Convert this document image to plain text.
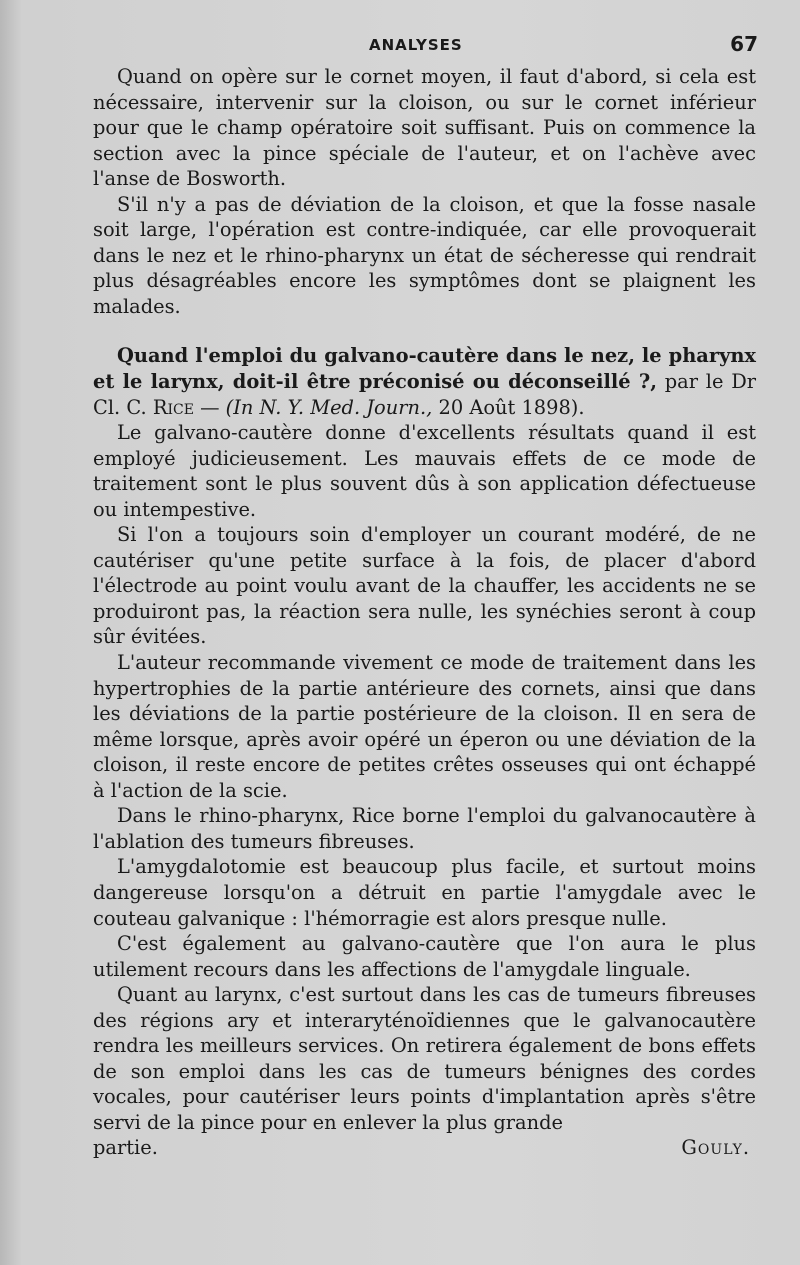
ANALYSES	67

Quand on opère sur le cornet moyen, il faut d'abord, si cela est nécessaire, intervenir sur la cloison, ou sur le cornet inférieur pour que le champ opératoire soit suffisant. Puis on commence la section avec la pince spéciale de l'auteur, et on l'achève avec l'anse de Bosworth.

S'il n'y a pas de déviation de la cloison, et que la fosse nasale soit large, l'opération est contre-indiquée, car elle provoquerait dans le nez et le rhino-pharynx un état de sécheresse qui rendrait plus désagréables encore les symptômes dont se plaignent les malades.

Quand l'emploi du galvano-cautère dans le nez, le pharynx et le larynx, doit-il être préconisé ou déconseillé ?, par le Dr Cl. C. Rice — (In N. Y. Med. Journ., 20 Août 1898).

Le galvano-cautère donne d'excellents résultats quand il est employé judicieusement. Les mauvais effets de ce mode de traitement sont le plus souvent dûs à son application défectueuse ou intempestive.

Si l'on a toujours soin d'employer un courant modéré, de ne cautériser qu'une petite surface à la fois, de placer d'abord l'électrode au point voulu avant de la chauffer, les accidents ne se produiront pas, la réaction sera nulle, les synéchies seront à coup sûr évitées.

L'auteur recommande vivement ce mode de traitement dans les hypertrophies de la partie antérieure des cornets, ainsi que dans les déviations de la partie postérieure de la cloison. Il en sera de même lorsque, après avoir opéré un éperon ou une déviation de la cloison, il reste encore de petites crêtes osseuses qui ont échappé à l'action de la scie.

Dans le rhino-pharynx, Rice borne l'emploi du galvanocautère à l'ablation des tumeurs fibreuses.

L'amygdalotomie est beaucoup plus facile, et surtout moins dangereuse lorsqu'on a détruit en partie l'amygdale avec le couteau galvanique : l'hémorragie est alors presque nulle.

C'est également au galvano-cautère que l'on aura le plus utilement recours dans les affections de l'amygdale linguale.

Quant au larynx, c'est surtout dans les cas de tumeurs fibreuses des régions ary et interaryténoïdiennes que le galvanocautère rendra les meilleurs services. On retirera également de bons effets de son emploi dans les cas de tumeurs bénignes des cordes vocales, pour cautériser leurs points d'implantation après s'être servi de la pince pour en enlever la plus grande

partie.	Gouly.
